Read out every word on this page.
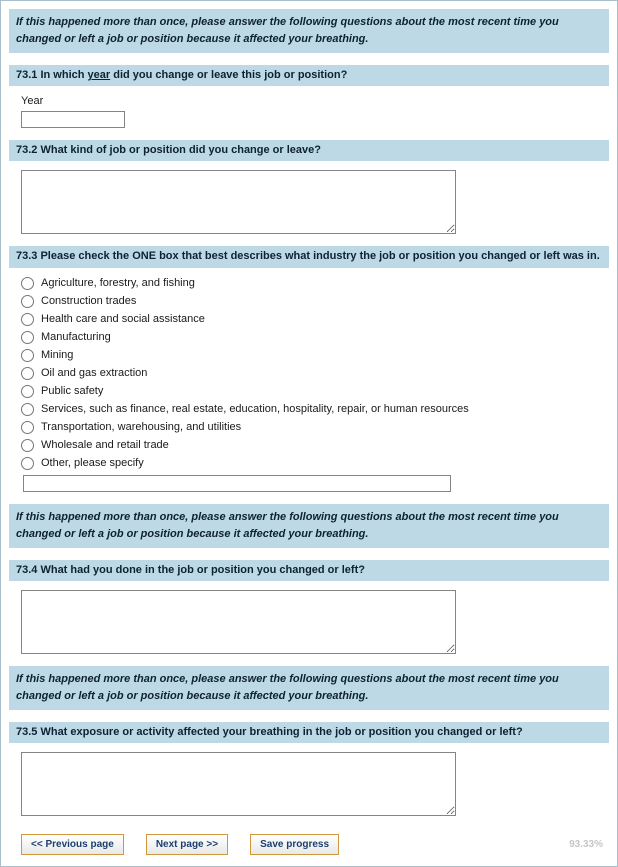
If this happened more than once, please answer the following questions about the most recent time you changed or left a job or position because it affected your breathing.
73.1 In which year did you change or leave this job or position?
Year
73.2 What kind of job or position did you change or leave?
73.3 Please check the ONE box that best describes what industry the job or position you changed or left was in.
Agriculture, forestry, and fishing
Construction trades
Health care and social assistance
Manufacturing
Mining
Oil and gas extraction
Public safety
Services, such as finance, real estate, education, hospitality, repair, or human resources
Transportation, warehousing, and utilities
Wholesale and retail trade
Other, please specify
If this happened more than once, please answer the following questions about the most recent time you changed or left a job or position because it affected your breathing.
73.4 What had you done in the job or position you changed or left?
If this happened more than once, please answer the following questions about the most recent time you changed or left a job or position because it affected your breathing.
73.5 What exposure or activity affected your breathing in the job or position you changed or left?
<< Previous page	Next page >>	Save progress	93.33%
